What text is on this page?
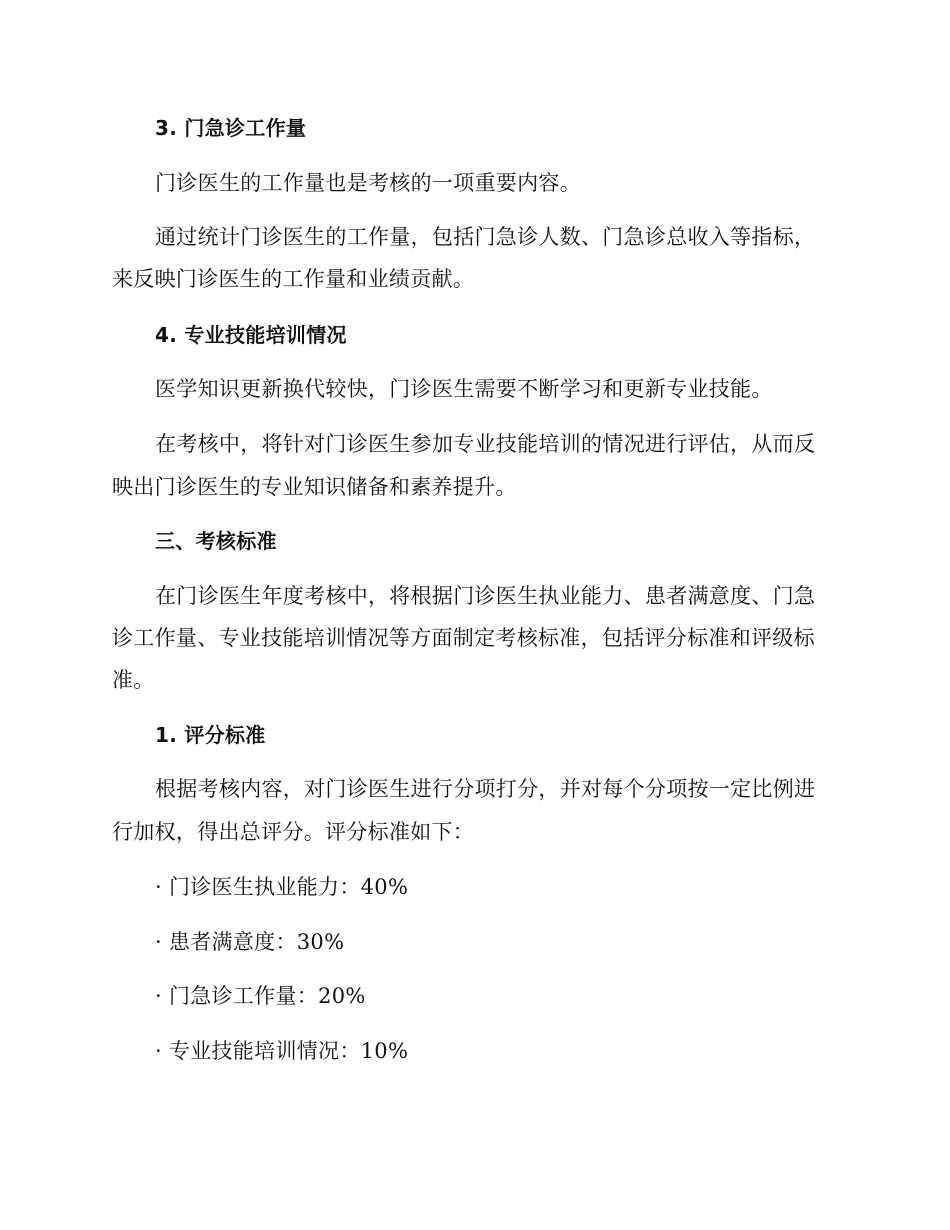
3. 门急诊工作量
门诊医生的工作量也是考核的一项重要内容。
通过统计门诊医生的工作量，包括门急诊人数、门急诊总收入等指标，
来反映门诊医生的工作量和业绩贡献。
4. 专业技能培训情况
医学知识更新换代较快，门诊医生需要不断学习和更新专业技能。
在考核中，将针对门诊医生参加专业技能培训的情况进行评估，从而反
映出门诊医生的专业知识储备和素养提升。
三、考核标准
在门诊医生年度考核中，将根据门诊医生执业能力、患者满意度、门急
诊工作量、专业技能培训情况等方面制定考核标准，包括评分标准和评级标
准。
1. 评分标准
根据考核内容，对门诊医生进行分项打分，并对每个分项按一定比例进
行加权，得出总评分。评分标准如下：
· 门诊医生执业能力：40%
· 患者满意度：30%
· 门急诊工作量：20%
· 专业技能培训情况：10%
